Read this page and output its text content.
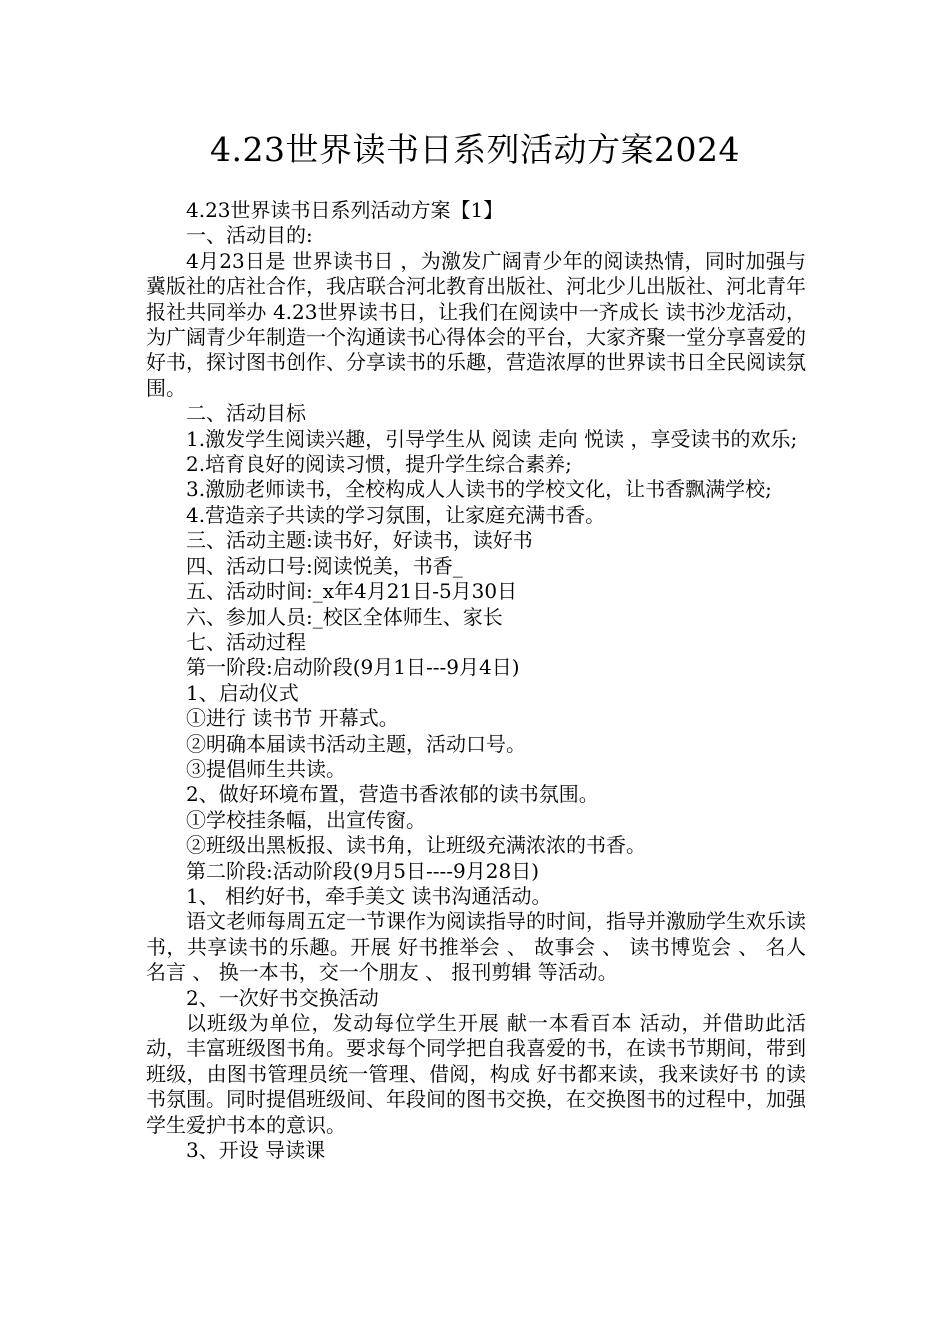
4.23世界读书日系列活动方案2024

4.23世界读书日系列活动方案【1】

一、活动目的:

4月23日是 世界读书日 ，为激发广阔青少年的阅读热情，同时加强与冀版社的店社合作，我店联合河北教育出版社、河北少儿出版社、河北青年报社共同举办 4.23世界读书日，让我们在阅读中一齐成长 读书沙龙活动，为广阔青少年制造一个沟通读书心得体会的平台，大家齐聚一堂分享喜爱的好书，探讨图书创作、分享读书的乐趣，营造浓厚的世界读书日全民阅读氛围。

二、活动目标

1.激发学生阅读兴趣，引导学生从 阅读 走向 悦读 ，享受读书的欢乐;

2.培育良好的阅读习惯，提升学生综合素养;

3.激励老师读书，全校构成人人读书的学校文化，让书香飘满学校;

4.营造亲子共读的学习氛围，让家庭充满书香。

三、活动主题:读书好，好读书，读好书

四、活动口号:阅读悦美，书香_

五、活动时间:_x年4月21日-5月30日

六、参加人员:_校区全体师生、家长

七、活动过程

第一阶段:启动阶段(9月1日---9月4日)

1、启动仪式

①进行 读书节 开幕式。

②明确本届读书活动主题，活动口号。

③提倡师生共读。

2、做好环境布置，营造书香浓郁的读书氛围。

①学校挂条幅，出宣传窗。

②班级出黑板报、读书角，让班级充满浓浓的书香。

第二阶段:活动阶段(9月5日----9月28日)

1、 相约好书，牵手美文 读书沟通活动。

语文老师每周五定一节课作为阅读指导的时间，指导并激励学生欢乐读书，共享读书的乐趣。开展 好书推举会 、 故事会 、 读书博览会 、 名人名言 、 换一本书，交一个朋友 、 报刊剪辑 等活动。

2、一次好书交换活动

以班级为单位，发动每位学生开展 献一本看百本 活动，并借助此活动，丰富班级图书角。要求每个同学把自我喜爱的书，在读书节期间，带到班级，由图书管理员统一管理、借阅，构成 好书都来读，我来读好书 的读书氛围。同时提倡班级间、年段间的图书交换，在交换图书的过程中，加强学生爱护书本的意识。

3、开设 导读课
